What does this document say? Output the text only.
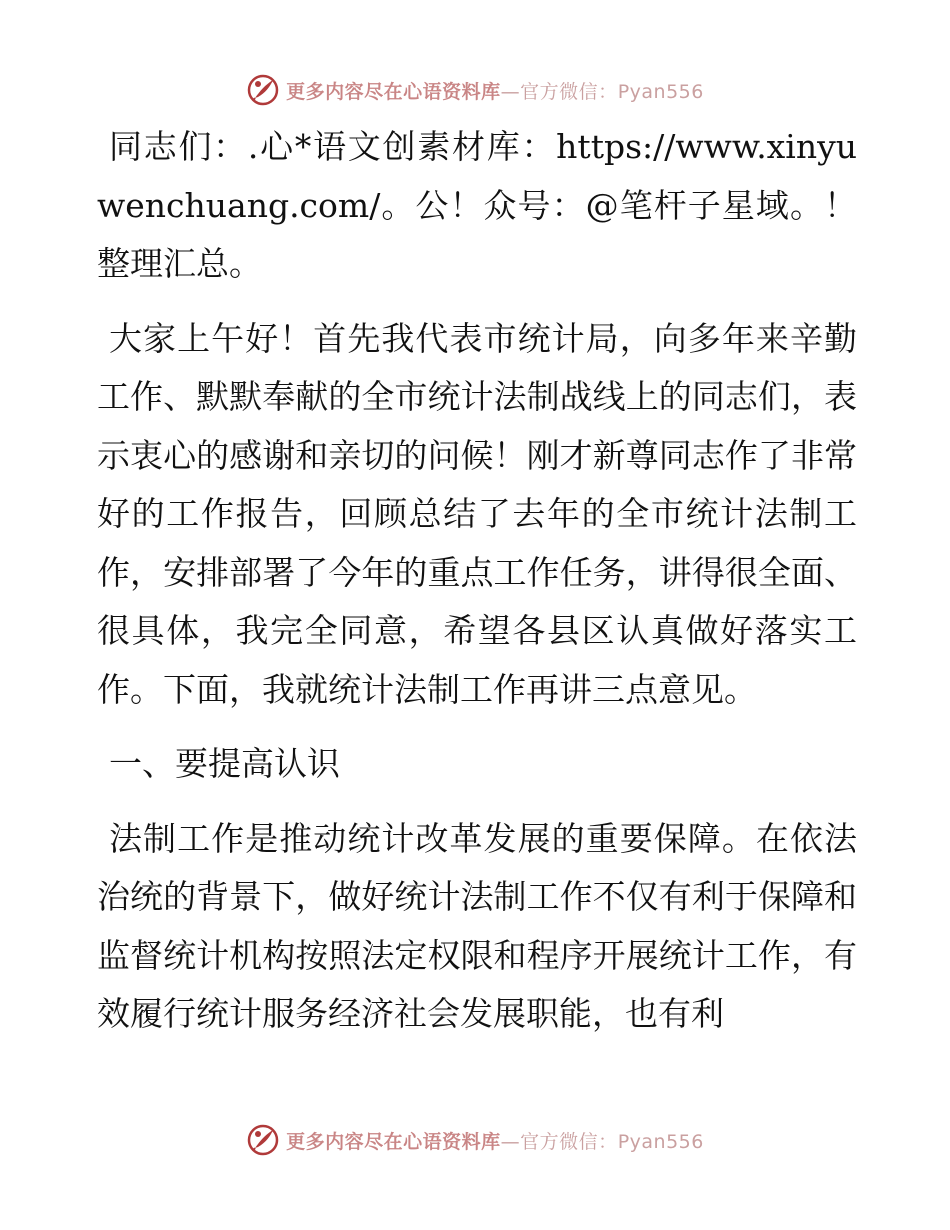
更多内容尽在心语资料库—官方微信：Pyan556

同志们：.心*语文创素材库：https://www.xinyuwenchuang.com/。公！众号：@笔杆子星域。！整理汇总。

大家上午好！首先我代表市统计局，向多年来辛勤工作、默默奉献的全市统计法制战线上的同志们，表示衷心的感谢和亲切的问候！刚才新尊同志作了非常好的工作报告，回顾总结了去年的全市统计法制工作，安排部署了今年的重点工作任务，讲得很全面、很具体，我完全同意，希望各县区认真做好落实工作。下面，我就统计法制工作再讲三点意见。

一、要提高认识

法制工作是推动统计改革发展的重要保障。在依法治统的背景下，做好统计法制工作不仅有利于保障和监督统计机构按照法定权限和程序开展统计工作，有效履行统计服务经济社会发展职能，也有利

更多内容尽在心语资料库—官方微信：Pyan556
